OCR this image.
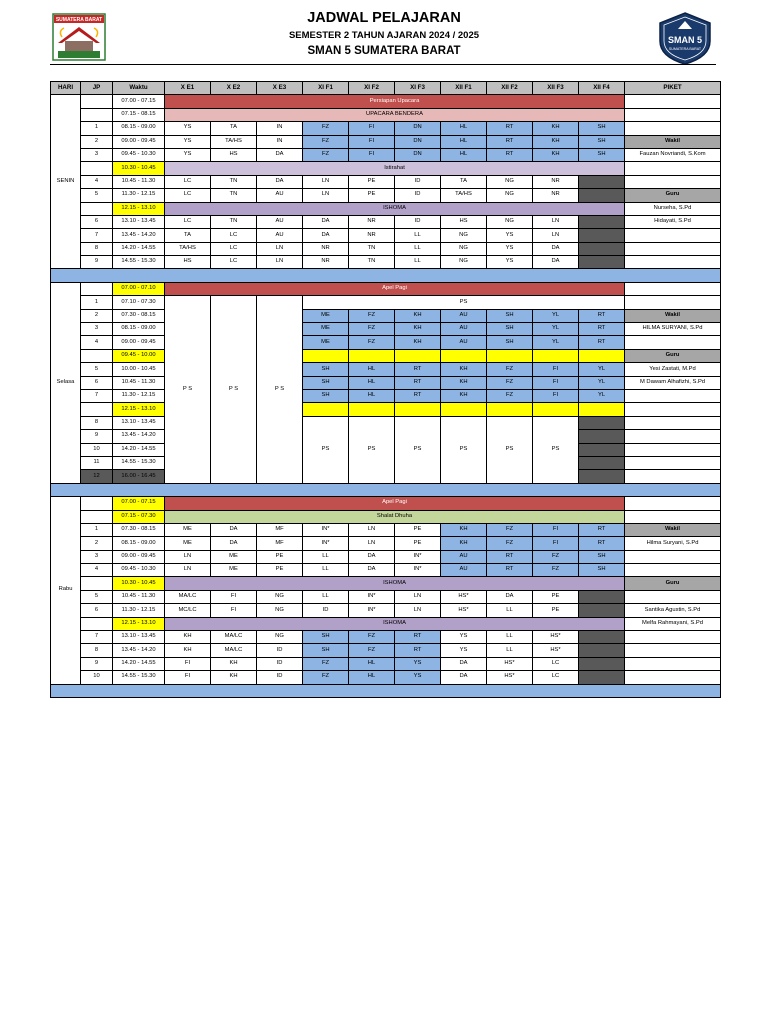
SUMATERA BARAT	JADWAL PELAJARAN
SEMESTER 2 TAHUN AJARAN 2024 / 2025
SMAN 5 SUMATERA BARAT
SMAN 5
SUMATERA BARAT
HARI	JP	Waktu	X E1	X E2	X E3	XI F1	XI F2	XI F3	XII F1	XII F2	XII F3	XII F4	PIKET
SENIN		07.00 - 07.15	Persiapan Upacara										
		07.15 - 08.15	UPACARA BENDERA										
	1	08.15 - 09.00	YS	TA	IN	FZ	FI	DN	HL	RT	KH	SH	
	2	09.00 - 09.45	YS	TA/HS	IN	FZ	FI	DN	HL	RT	KH	SH	Wakil
	3	09.45 - 10.30	YS	HS	DA	FZ	FI	DN	HL	RT	KH	SH	Fauzan Novriandi, S.Kom
		10.30 - 10.45	Istirahat										
	4	10.45 - 11.30	LC	TN	DA	LN	PE	ID	TA	NG	NR		
	5	11.30 - 12.15	LC	TN	AU	LN	PE	ID	TA/HS	NG	NR		Guru
		12.15 - 13.10	ISHOMA										Nurseha, S.Pd
	6	13.10 - 13.45	LC	TN	AU	DA	NR	ID	HS	NG	LN		Hidayati, S.Pd
	7	13.45 - 14.20	TA	LC	AU	DA	NR	LL	NG	YS	LN		
	8	14.20 - 14.55	TA/HS	LC	LN	NR	TN	LL	NG	YS	DA		
	9	14.55 - 15.30	HS	LC	LN	NR	TN	LL	NG	YS	DA		

Selasa		07.00 - 07.10	Apel Pagi										
	1	07.10 - 07.30	P S	P S	P S	PS							
	2	07.30 - 08.15				ME	FZ	KH	AU	SH	YL	RT	Wakil
	3	08.15 - 09.00				ME	FZ	KH	AU	SH	YL	RT	HILMA SURYANI, S.Pd
	4	09.00 - 09.45				ME	FZ	KH	AU	SH	YL	RT	
		09.45 - 10.00											Guru
	5	10.00 - 10.45				SH	HL	RT	KH	FZ	FI	YL	Yesi Zastati, M.Pd
	6	10.45 - 11.30				SH	HL	RT	KH	FZ	FI	YL	M Dawam Alhafizhi, S.Pd
	7	11.30 - 12.15				SH	HL	RT	KH	FZ	FI	YL	
		12.15 - 13.10											
	8	13.10 - 13.45				PS	PS	PS	PS	PS	PS		
	9	13.45 - 14.20											
	10	14.20 - 14.55											
	11	14.55 - 15.30											
	12	16.00 - 16.45											

Rabu		07.00 - 07.15	Apel Pagi										
		07.15 - 07.30	Shalat Dhuha										
	1	07.30 - 08.15	ME	DA	MF	IN*	LN	PE	KH	FZ	FI	RT	Wakil
	2	08.15 - 09.00	ME	DA	MF	IN*	LN	PE	KH	FZ	FI	RT	Hilma Suryani, S.Pd
	3	09.00 - 09.45	LN	ME	PE	LL	DA	IN*	AU	RT	FZ	SH	
	4	09.45 - 10.30	LN	ME	PE	LL	DA	IN*	AU	RT	FZ	SH	
		10.30 - 10.45	ISHOMA										Guru
	5	10.45 - 11.30	MA/LC	FI	NG	LL	IN*	LN	HS*	DA	PE		
	6	11.30 - 12.15	MC/LC	FI	NG	ID	IN*	LN	HS*	LL	PE		Santika Agustin, S.Pd
		12.15 - 13.10	ISHOMA										Melfa Rahmayani, S.Pd
	7	13.10 - 13.45	KH	MA/LC	NG	SH	FZ	RT	YS	LL	HS*		
	8	13.45 - 14.20	KH	MA/LC	ID	SH	FZ	RT	YS	LL	HS*		
	9	14.20 - 14.55	FI	KH	ID	FZ	HL	YS	DA	HS*	LC		
	10	14.55 - 15.30	FI	KH	ID	FZ	HL	YS	DA	HS*	LC		
